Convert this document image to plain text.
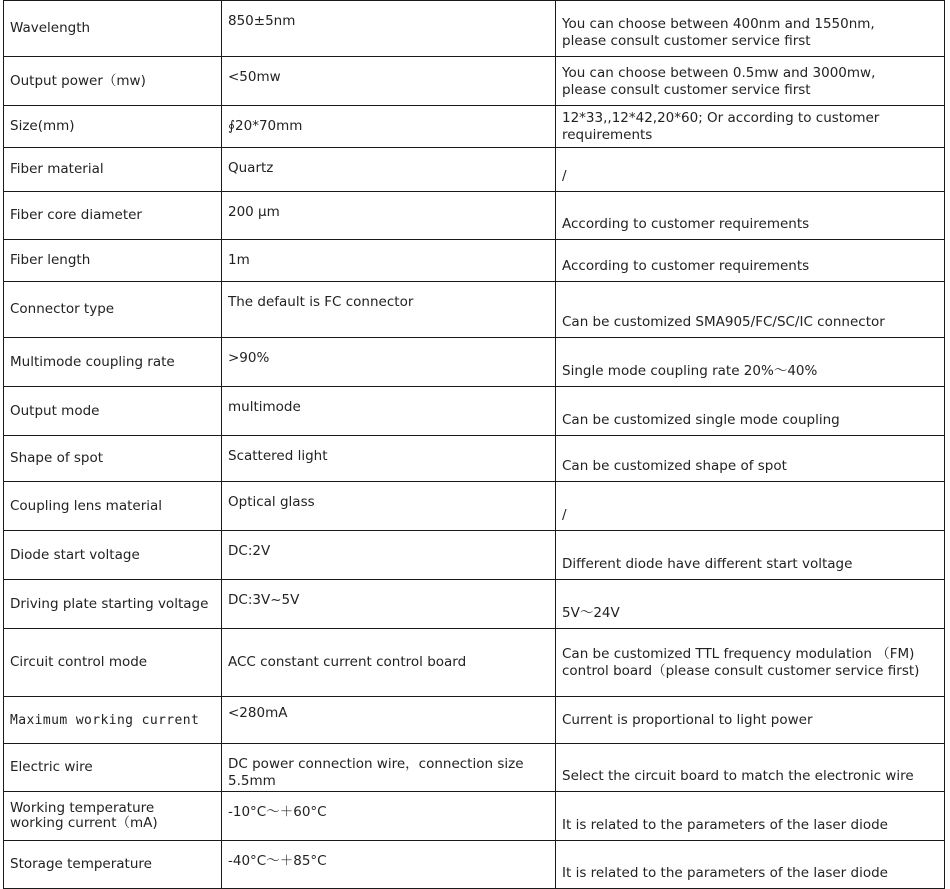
Wavelength	850±5nm	You can choose between 400nm and 1550nm,
please consult customer service first
Output power（mw)	<50mw	You can choose between 0.5mw and 3000mw,
please consult customer service first
Size(mm)	∮20*70mm	12*33,,12*42,20*60; Or according to customer requirements
Fiber material	Quartz	/
Fiber core diameter	200 μm	According to customer requirements
Fiber length	1m	According to customer requirements
Connector type	The default is FC connector	Can be customized SMA905/FC/SC/IC connector
Multimode coupling rate	>90%	Single mode coupling rate 20%～40%
Output mode	multimode	Can be customized single mode coupling
Shape of spot	Scattered light	Can be customized shape of spot
Coupling lens material	Optical glass	/
Diode start voltage	DC:2V	Different diode have different start voltage
Driving plate starting voltage	DC:3V~5V	5V～24V
Circuit control mode	ACC constant current control board	Can be customized TTL frequency modulation （FM)
control board（please consult customer service first)
Maximum working current	<280mA	Current is proportional to light power
Electric wire	DC power connection wire，connection size 5.5mm	Select the circuit board to match the electronic wire
Working temperature
working current（mA)	-10°C～＋60°C	It is related to the parameters of the laser diode
Storage temperature	-40°C～＋85°C	It is related to the parameters of the laser diode
